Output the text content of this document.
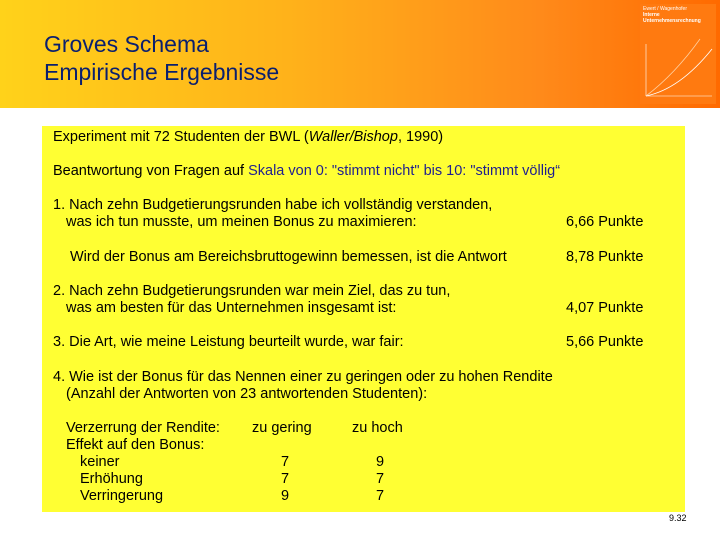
Groves Schema
Empirische Ergebnisse
Ewert / Wagenhofer
Interne
Unternehmensrechnung
Experiment mit 72 Studenten der BWL (Waller/Bishop, 1990)
Beantwortung von Fragen auf Skala von 0: "stimmt nicht" bis 10: "stimmt völlig“
1. Nach zehn Budgetierungsrunden habe ich vollständig verstanden,
was ich tun musste, um meinen Bonus zu maximieren:	6,66 Punkte
Wird der Bonus am Bereichsbruttogewinn bemessen, ist die Antwort	8,78 Punkte
2. Nach zehn Budgetierungsrunden war mein Ziel, das zu tun,
was am besten für das Unternehmen insgesamt ist:	4,07 Punkte
3. Die Art, wie meine Leistung beurteilt wurde, war fair:	5,66 Punkte
4. Wie ist der Bonus für das Nennen einer zu geringen oder zu hohen Rendite
(Anzahl der Antworten von 23 antwortenden Studenten):
Verzerrung der Rendite: zu gering	zu hoch
Effekt auf den Bonus:
keiner	7	9
Erhöhung	7	7
Verringerung	9	7
9.32
